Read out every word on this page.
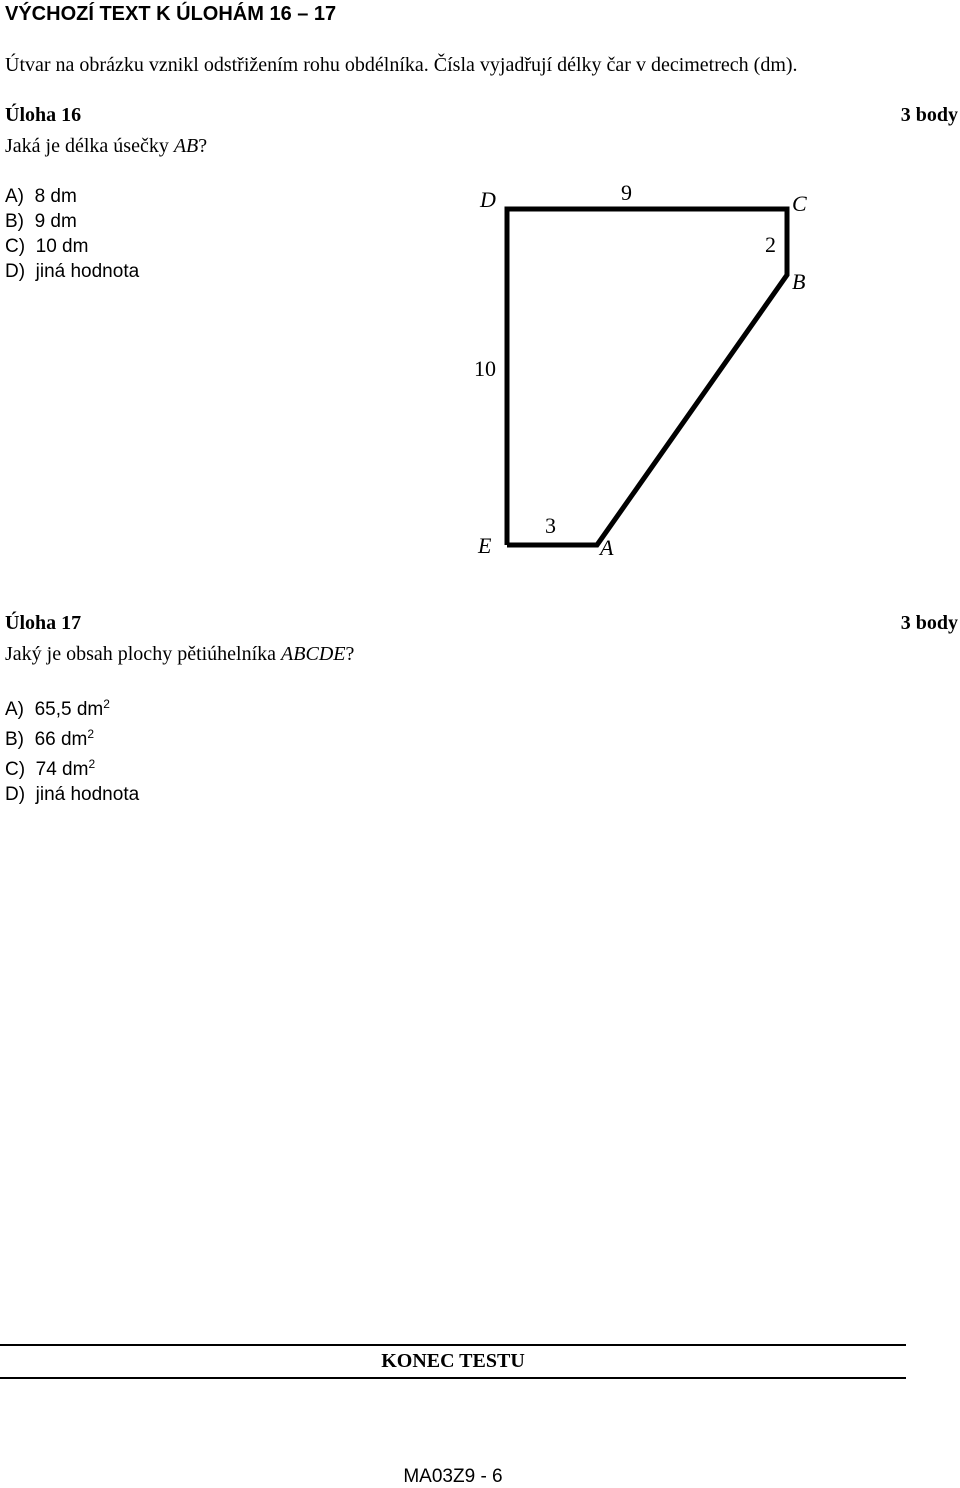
VÝCHOZÍ TEXT K ÚLOHÁM 16 – 17
Útvar na obrázku vznikl odstřižením rohu obdélníka. Čísla vyjadřují délky čar v decimetrech (dm).
Úloha 16	3 body
Jaká je délka úsečky AB?
A) 8 dm
B) 9 dm
C) 10 dm
D) jiná hodnota
D	C
B
E	A
9
2
10
3
Úloha 17	3 body
Jaký je obsah plochy pětiúhelníka ABCDE?
A) 65,5 $dm^2$
B) 66 $dm^2$
C) 74 $dm^2$
D) jiná hodnota
KONEC TESTU
MA03Z9 - 6
